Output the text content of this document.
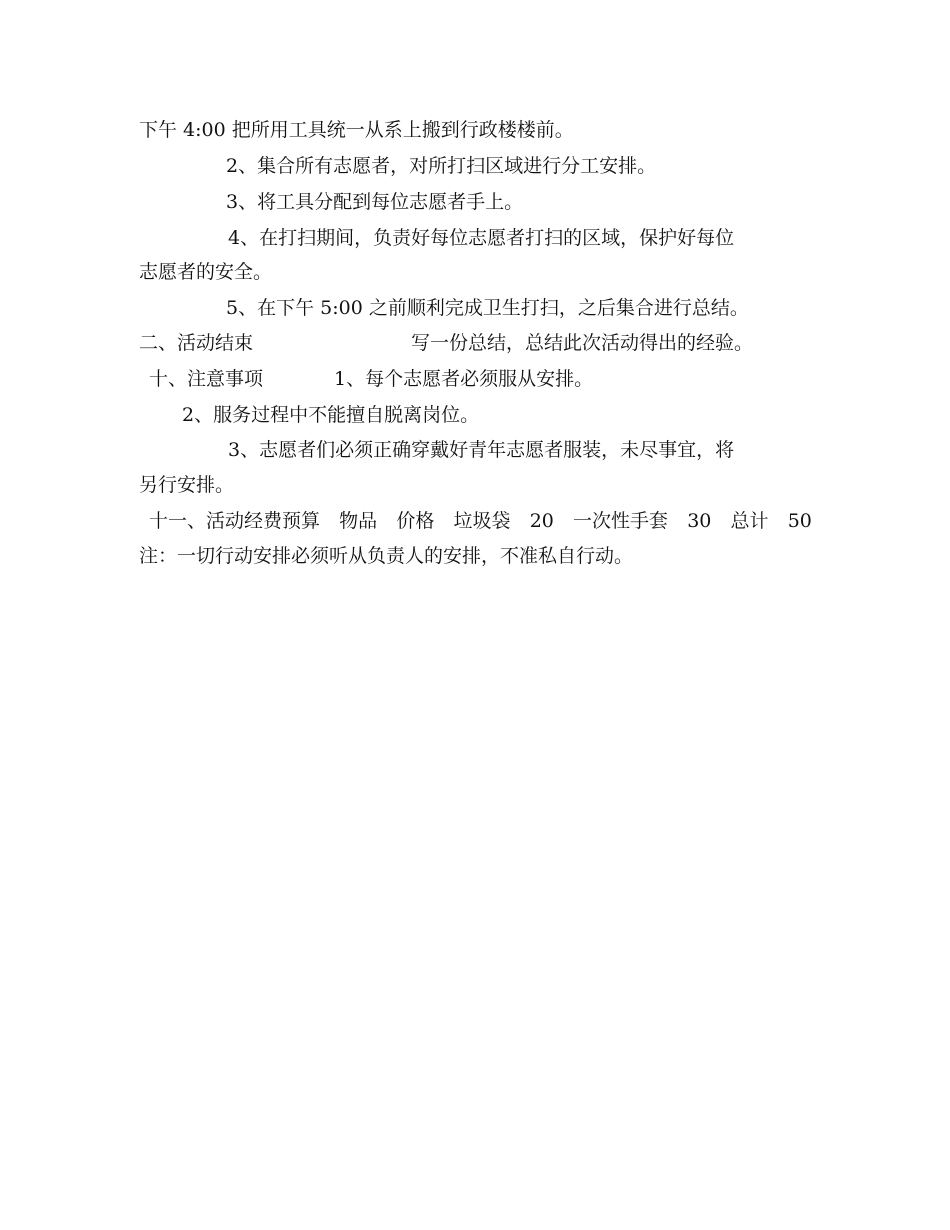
下午 4:00 把所用工具统一从系上搬到行政楼楼前。
2、集合所有志愿者，对所打扫区域进行分工安排。
3、将工具分配到每位志愿者手上。
4、在打扫期间，负责好每位志愿者打扫的区域，保护好每位
志愿者的安全。
5、在下午 5:00 之前顺利完成卫生打扫，之后集合进行总结。
二、活动结束	写一份总结，总结此次活动得出的经验。
十、注意事项	1、每个志愿者必须服从安排。
2、服务过程中不能擅自脱离岗位。
3、志愿者们必须正确穿戴好青年志愿者服装，未尽事宜，将
另行安排。
十一、活动经费预算 物品 价格 垃圾袋 20 一次性手套 30 总计 50
注：一切行动安排必须听从负责人的安排，不准私自行动。
